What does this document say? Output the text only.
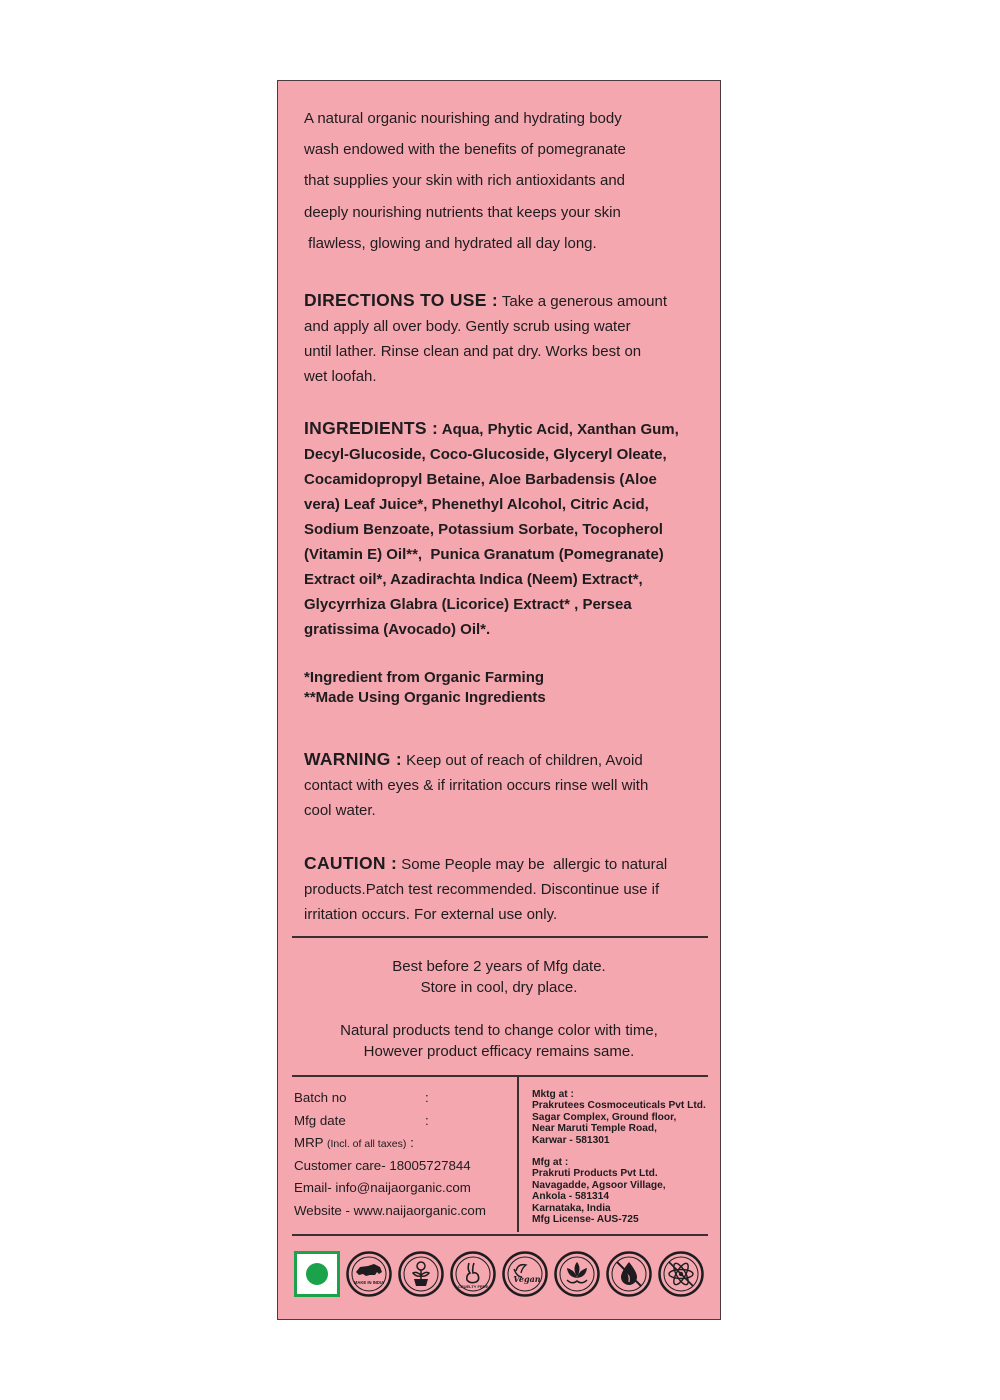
A natural organic nourishing and hydrating body
wash endowed with the benefits of pomegranate
that supplies your skin with rich antioxidants and
deeply nourishing nutrients that keeps your skin
flawless, glowing and hydrated all day long.
DIRECTIONS TO USE : Take a generous amount
and apply all over body. Gently scrub using water
until lather. Rinse clean and pat dry. Works best on
wet loofah.
INGREDIENTS : Aqua, Phytic Acid, Xanthan Gum,
Decyl-Glucoside, Coco-Glucoside, Glyceryl Oleate,
Cocamidopropyl Betaine, Aloe Barbadensis (Aloe
vera) Leaf Juice*, Phenethyl Alcohol, Citric Acid,
Sodium Benzoate, Potassium Sorbate, Tocopherol
(Vitamin E) Oil**,  Punica Granatum (Pomegranate)
Extract oil*, Azadirachta Indica (Neem) Extract*,
Glycyrrhiza Glabra (Licorice) Extract* , Persea
gratissima (Avocado) Oil*.
*Ingredient from Organic Farming
**Made Using Organic Ingredients
WARNING : Keep out of reach of children, Avoid
contact with eyes & if irritation occurs rinse well with
cool water.
CAUTION : Some People may be  allergic to natural
products.Patch test recommended. Discontinue use if
irritation occurs. For external use only.
Best before 2 years of Mfg date.
Store in cool, dry place.
Natural products tend to change color with time,
However product efficacy remains same.
Batch no	:
Mfg date	:
MRP (Incl. of all taxes) :
Customer care- 18005727844
Email- info@naijaorganic.com
Website - www.naijaorganic.com
Mktg at :
Prakrutees Cosmoceuticals Pvt Ltd.
Sagar Complex, Ground floor,
Near Maruti Temple Road,
Karwar - 581301
Mfg at :
Prakruti Products Pvt Ltd.
Navagadde, Agsoor Village,
Ankola - 581314
Karnataka, India
Mfg License- AUS-725
MAKE IN INDIA
CRUELTY FREE
Vegan
